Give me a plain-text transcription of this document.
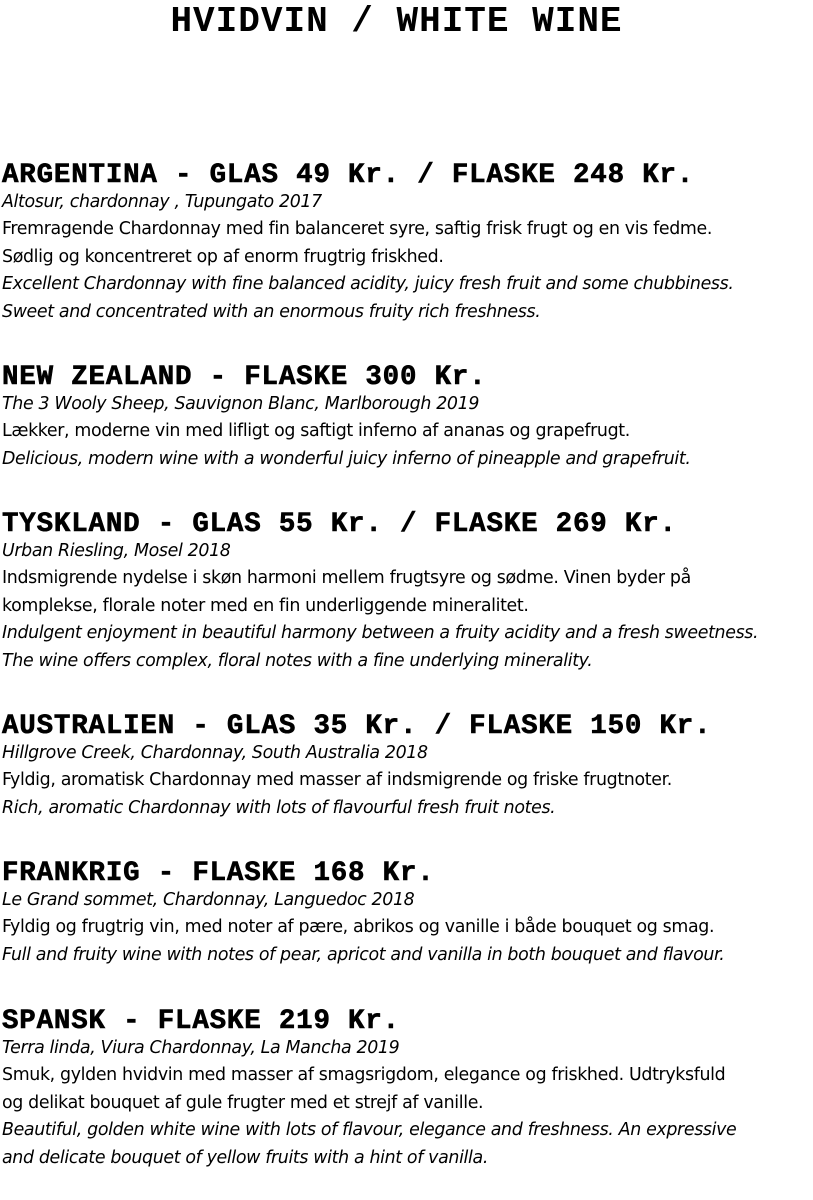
HVIDVIN / WHITE WINE
ARGENTINA - GLAS 49 Kr. / FLASKE 248 Kr.

Altosur, chardonnay , Tupungato 2017

Fremragende Chardonnay med fin balanceret syre, saftig frisk frugt og en vis fedme.

Sødlig og koncentreret op af enorm frugtrig friskhed.

Excellent Chardonnay with fine balanced acidity, juicy fresh fruit and some chubbiness.

Sweet and concentrated with an enormous fruity rich freshness.

NEW ZEALAND - FLASKE 300 Kr.

The 3 Wooly Sheep, Sauvignon Blanc, Marlborough 2019

Lækker, moderne vin med lifligt og saftigt inferno af ananas og grapefrugt.

Delicious, modern wine with a wonderful juicy inferno of pineapple and grapefruit.

TYSKLAND - GLAS 55 Kr. / FLASKE 269 Kr.

Urban Riesling, Mosel 2018

Indsmigrende nydelse i skøn harmoni mellem frugtsyre og sødme. Vinen byder på

komplekse, florale noter med en fin underliggende mineralitet.

Indulgent enjoyment in beautiful harmony between a fruity acidity and a fresh sweetness.

The wine offers complex, floral notes with a fine underlying minerality.

AUSTRALIEN - GLAS 35 Kr. / FLASKE 150 Kr.

Hillgrove Creek, Chardonnay, South Australia 2018

Fyldig, aromatisk Chardonnay med masser af indsmigrende og friske frugtnoter.

Rich, aromatic Chardonnay with lots of flavourful fresh fruit notes.

FRANKRIG - FLASKE 168 Kr.

Le Grand sommet, Chardonnay, Languedoc 2018

Fyldig og frugtrig vin, med noter af pære, abrikos og vanille i både bouquet og smag.

Full and fruity wine with notes of pear, apricot and vanilla in both bouquet and flavour.

SPANSK - FLASKE 219 Kr.

Terra linda, Viura Chardonnay, La Mancha 2019

Smuk, gylden hvidvin med masser af smagsrigdom, elegance og friskhed. Udtryksfuld

og delikat bouquet af gule frugter med et strejf af vanille.

Beautiful, golden white wine with lots of flavour, elegance and freshness. An expressive

and delicate bouquet of yellow fruits with a hint of vanilla.
